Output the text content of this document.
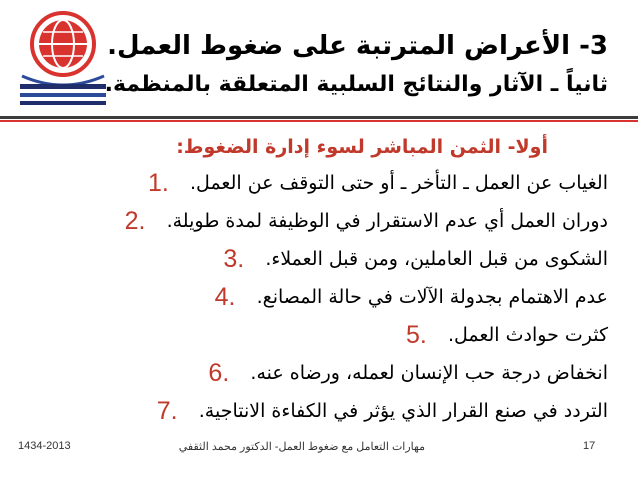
3- الأعراض المترتبة على ضغوط العمل.
ثانياً ـ الآثار والنتائج السلبية المتعلقة بالمنظمة.
أولا- الثمن المباشر لسوء إدارة الضغوط:
الغياب عن العمل ـ التأخر ـ أو حتى التوقف عن العمل.
1.
دوران العمل أي عدم الاستقرار في الوظيفة لمدة طويلة.
2.
الشكوى من قبل العاملين، ومن قبل العملاء.
3.
عدم الاهتمام بجدولة الآلات في حالة المصانع.
4.
كثرت حوادث العمل.
5.
انخفاض درجة حب الإنسان لعمله، ورضاه عنه.
6.
التردد في صنع القرار الذي يؤثر في الكفاءة الانتاجية.
7.
1434-2013	مهارات التعامل مع ضغوط العمل- الدكتور محمد الثقفي	17
